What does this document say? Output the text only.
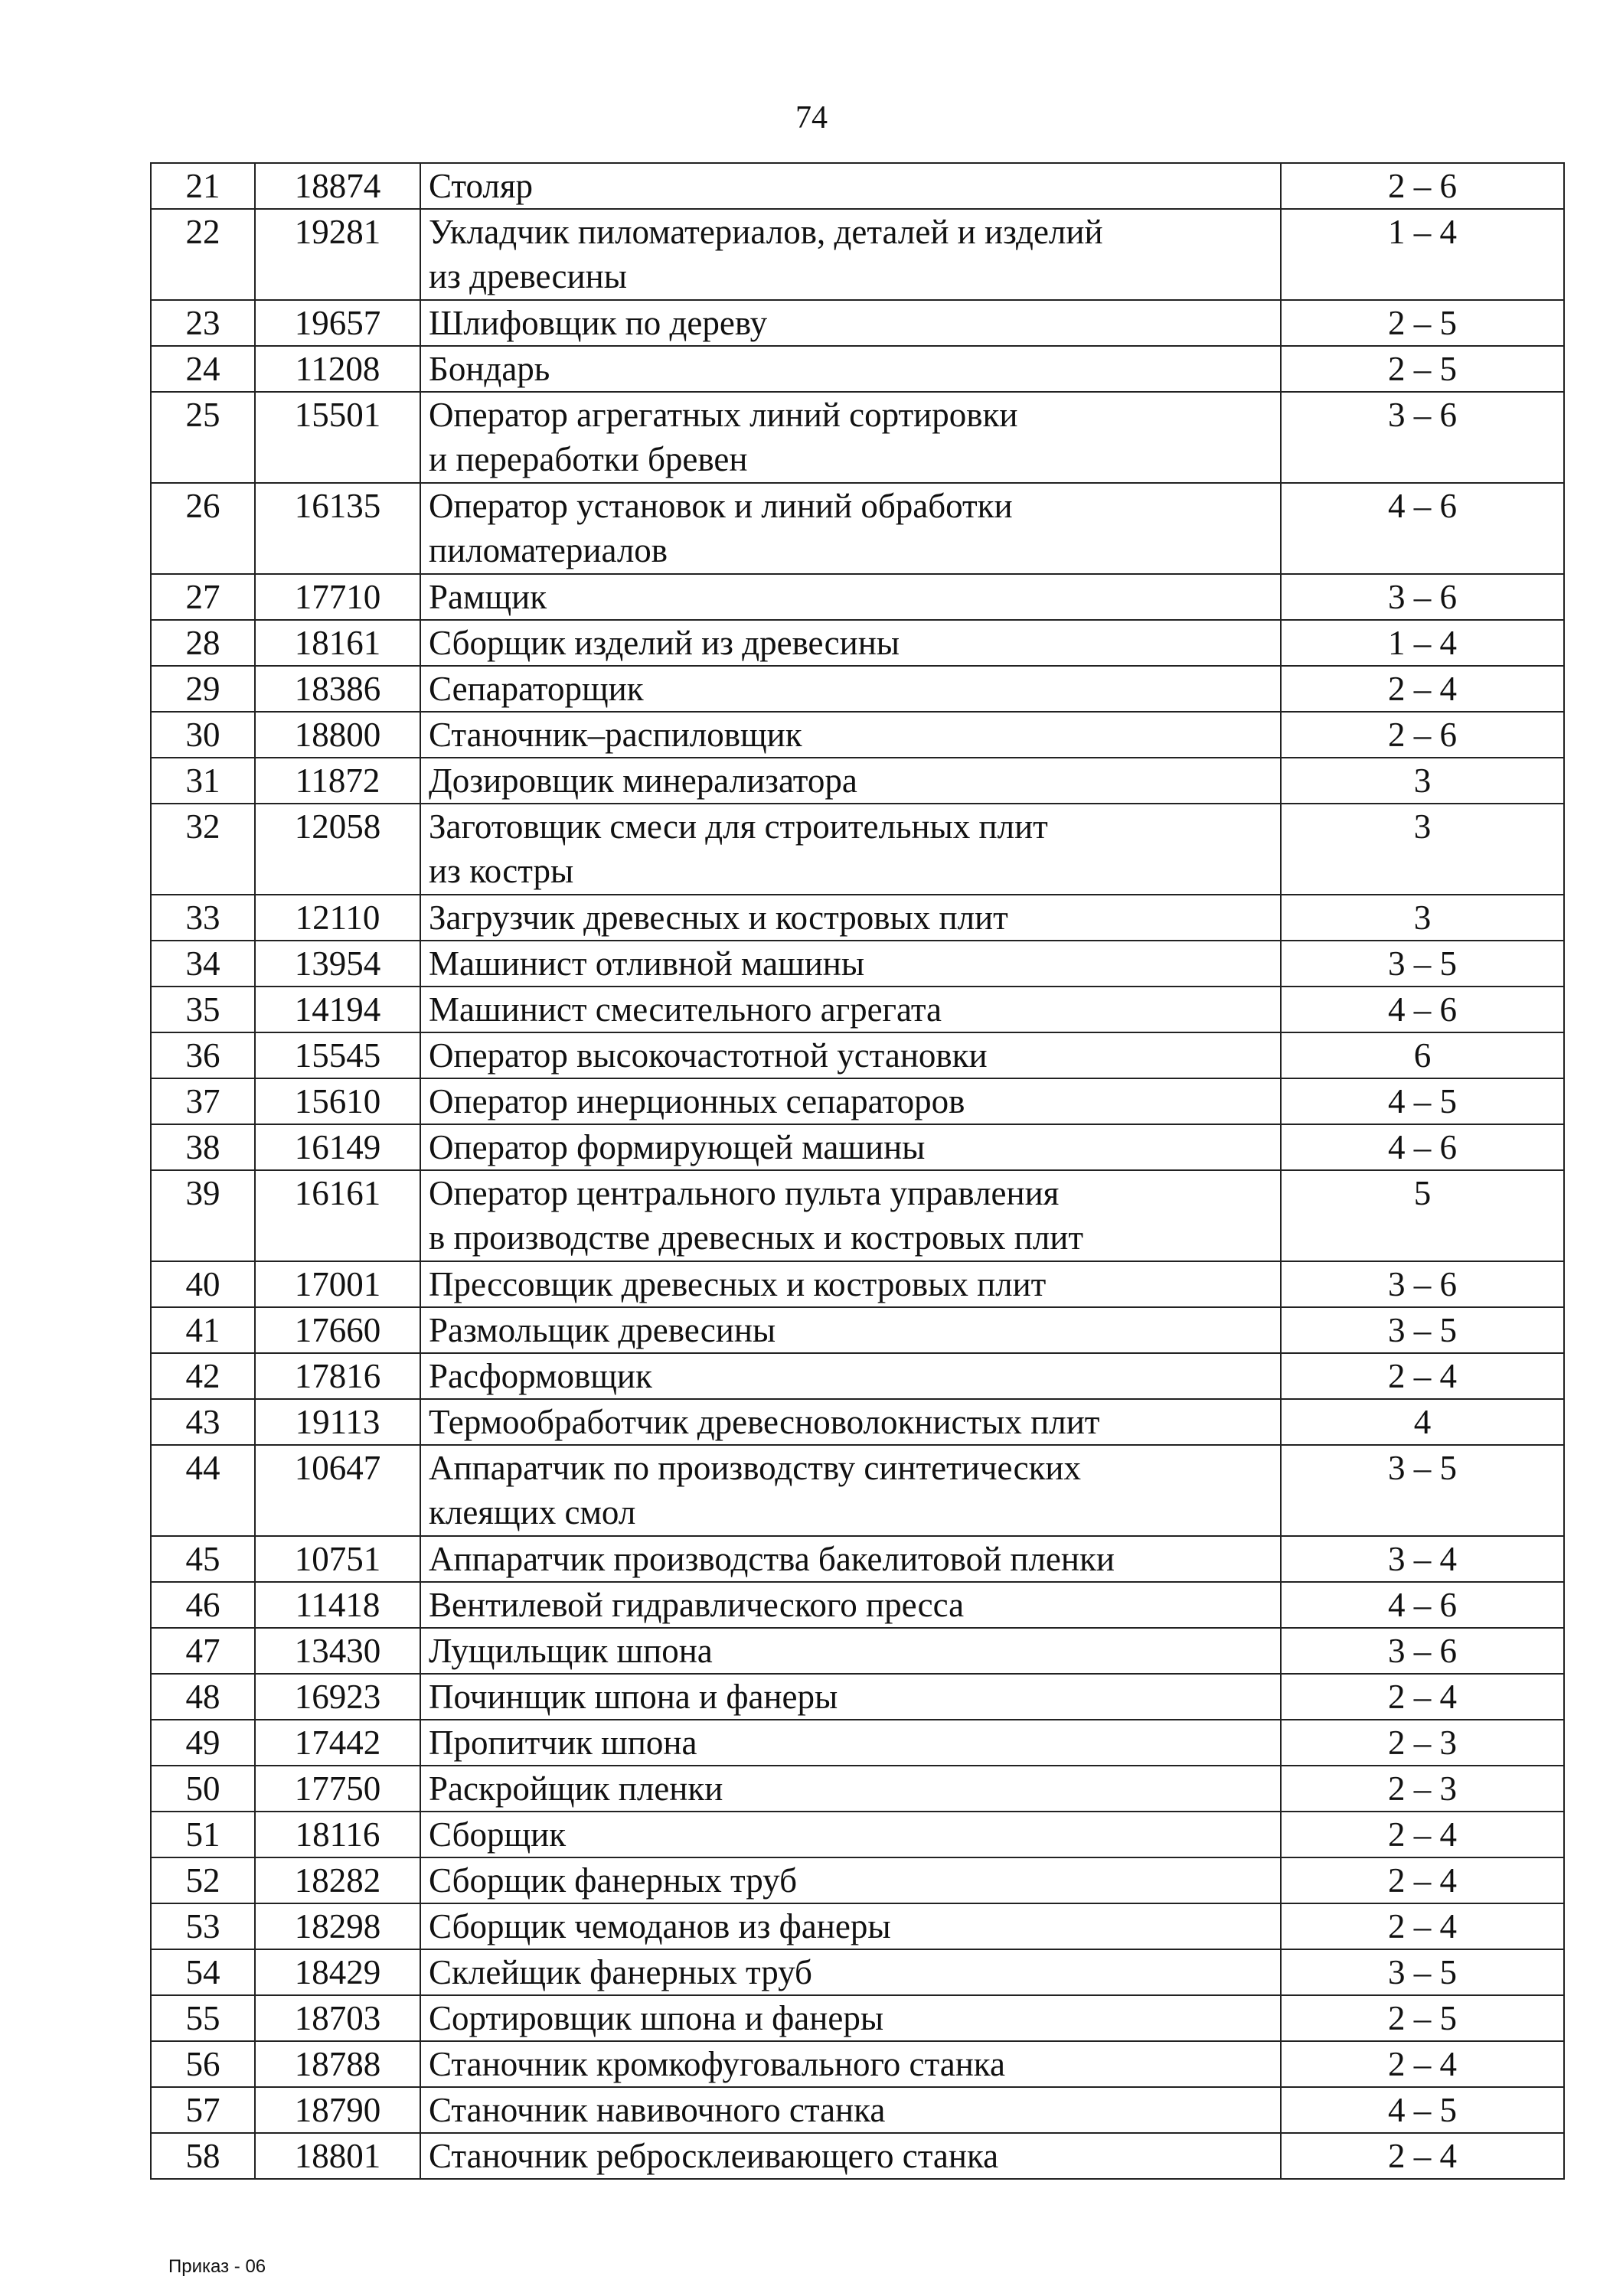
74
21	18874	Столяр	2 – 6
22	19281	Укладчик пиломатериалов, деталей и изделий
из древесины	1 – 4
23	19657	Шлифовщик по дереву	2 – 5
24	11208	Бондарь	2 – 5
25	15501	Оператор агрегатных линий сортировки
и переработки бревен	3 – 6
26	16135	Оператор установок и линий обработки
пиломатериалов	4 – 6
27	17710	Рамщик	3 – 6
28	18161	Сборщик изделий из древесины	1 – 4
29	18386	Сепараторщик	2 – 4
30	18800	Станочник–распиловщик	2 – 6
31	11872	Дозировщик минерализатора	3
32	12058	Заготовщик смеси для строительных плит
из костры	3
33	12110	Загрузчик древесных и костровых плит	3
34	13954	Машинист отливной машины	3 – 5
35	14194	Машинист смесительного агрегата	4 – 6
36	15545	Оператор высокочастотной установки	6
37	15610	Оператор инерционных сепараторов	4 – 5
38	16149	Оператор формирующей машины	4 – 6
39	16161	Оператор центрального пульта управления
в производстве древесных и костровых плит	5
40	17001	Прессовщик древесных и костровых плит	3 – 6
41	17660	Размольщик древесины	3 – 5
42	17816	Расформовщик	2 – 4
43	19113	Термообработчик древесноволокнистых плит	4
44	10647	Аппаратчик по производству синтетических
клеящих смол	3 – 5
45	10751	Аппаратчик производства бакелитовой пленки	3 – 4
46	11418	Вентилевой гидравлического пресса	4 – 6
47	13430	Лущильщик шпона	3 – 6
48	16923	Починщик шпона и фанеры	2 – 4
49	17442	Пропитчик шпона	2 – 3
50	17750	Раскройщик пленки	2 – 3
51	18116	Сборщик	2 – 4
52	18282	Сборщик фанерных труб	2 – 4
53	18298	Сборщик чемоданов из фанеры	2 – 4
54	18429	Склейщик фанерных труб	3 – 5
55	18703	Сортировщик шпона и фанеры	2 – 5
56	18788	Станочник кромкофуговального станка	2 – 4
57	18790	Станочник навивочного станка	4 – 5
58	18801	Станочник ребросклеивающего станка	2 – 4
Приказ - 06
